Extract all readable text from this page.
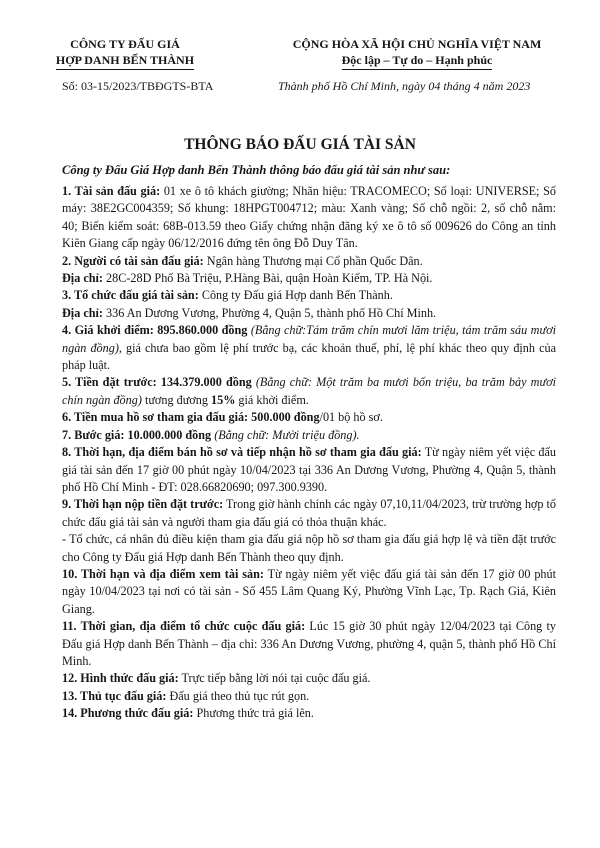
CÔNG TY ĐẤU GIÁ
HỢP DANH BẾN THÀNH
CỘNG HÒA XÃ HỘI CHỦ NGHĨA VIỆT NAM
Độc lập – Tự do – Hạnh phúc
Số: 03-15/2023/TBĐGTS-BTA	Thành phố Hồ Chí Minh, ngày 04 tháng 4 năm 2023
THÔNG BÁO ĐẤU GIÁ TÀI SẢN
Công ty Đấu Giá Hợp danh Bến Thành thông báo đấu giá tài sản như sau:

1. Tài sản đấu giá: 01 xe ô tô khách giường; Nhãn hiệu: TRACOMECO; Số loại: UNIVERSE; Số máy: 38E2GC004359; Số khung: 18HPGT004712; màu: Xanh vàng; Số chỗ ngồi: 2, số chỗ nằm: 40; Biển kiểm soát: 68B-013.59 theo Giấy chứng nhận đăng ký xe ô tô số 009626 do Công an tỉnh Kiên Giang cấp ngày 06/12/2016 đứng tên ông Đỗ Duy Tân.

2. Người có tài sản đấu giá: Ngân hàng Thương mại Cổ phần Quốc Dân.

Địa chỉ: 28C-28D Phố Bà Triệu, P.Hàng Bài, quận Hoàn Kiếm, TP. Hà Nội.

3. Tổ chức đấu giá tài sản: Công ty Đấu giá Hợp danh Bến Thành.

Địa chỉ: 336 An Dương Vương, Phường 4, Quận 5, thành phố Hồ Chí Minh.

4. Giá khởi điểm: 895.860.000 đồng (Bằng chữ:Tám trăm chín mươi lăm triệu, tám trăm sáu mươi ngàn đồng), giá chưa bao gồm lệ phí trước bạ, các khoản thuế, phí, lệ phí khác theo quy định của pháp luật.

5. Tiền đặt trước: 134.379.000 đồng (Bằng chữ: Một trăm ba mươi bốn triệu, ba trăm bảy mươi chín ngàn đồng) tương đương 15% giá khởi điểm.

6. Tiền mua hồ sơ tham gia đấu giá: 500.000 đồng/01 bộ hồ sơ.

7. Bước giá: 10.000.000 đồng (Bằng chữ: Mười triệu đồng).

8. Thời hạn, địa điểm bán hồ sơ và tiếp nhận hồ sơ tham gia đấu giá: Từ ngày niêm yết việc đấu giá tài sản đến 17 giờ 00 phút ngày 10/04/2023 tại 336 An Dương Vương, Phường 4, Quận 5, thành phố Hồ Chí Minh - ĐT: 028.66820690; 097.300.9390.

9. Thời hạn nộp tiền đặt trước: Trong giờ hành chính các ngày 07,10,11/04/2023, trừ trường hợp tổ chức đấu giá tài sản và người tham gia đấu giá có thỏa thuận khác.

- Tổ chức, cá nhân đủ điều kiện tham gia đấu giá nộp hồ sơ tham gia đấu giá hợp lệ và tiền đặt trước cho Công ty Đấu giá Hợp danh Bến Thành theo quy định.

10. Thời hạn và địa điểm xem tài sản: Từ ngày niêm yết việc đấu giá tài sản đến 17 giờ 00 phút ngày 10/04/2023 tại nơi có tài sản - Số 455 Lâm Quang Ký, Phường Vĩnh Lạc, Tp. Rạch Giá, Kiên Giang.

11. Thời gian, địa điểm tổ chức cuộc đấu giá: Lúc 15 giờ 30 phút ngày 12/04/2023 tại Công ty Đấu giá Hợp danh Bến Thành – địa chỉ: 336 An Dương Vương, phường 4, quận 5, thành phố Hồ Chí Minh.

12. Hình thức đấu giá: Trực tiếp bằng lời nói tại cuộc đấu giá.

13. Thủ tục đấu giá: Đấu giá theo thủ tục rút gọn.

14. Phương thức đấu giá: Phương thức trả giá lên.
